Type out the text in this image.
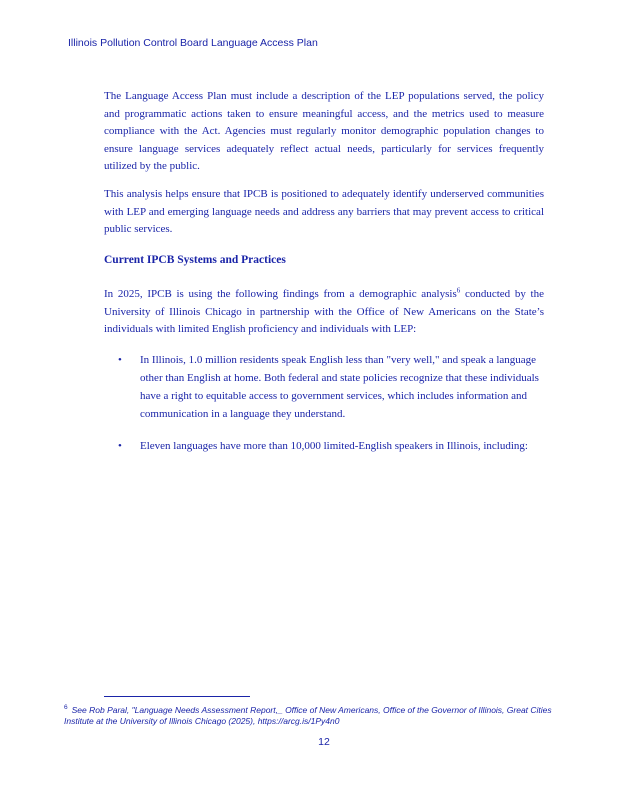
Illinois Pollution Control Board Language Access Plan

The Language Access Plan must include a description of the LEP populations served, the policy and programmatic actions taken to ensure meaningful access, and the metrics used to measure compliance with the Act. Agencies must regularly monitor demographic population changes to ensure language services adequately reflect actual needs, particularly for services frequently utilized by the public.

This analysis helps ensure that IPCB is positioned to adequately identify underserved communities with LEP and emerging language needs and address any barriers that may prevent access to critical public services.

Current IPCB Systems and Practices

In 2025, IPCB is using the following findings from a demographic analysis$^6$ conducted by the University of Illinois Chicago in partnership with the Office of New Americans on the State’s individuals with limited English proficiency and individuals with LEP:

• In Illinois, 1.0 million residents speak English less than "very well," and speak a language other than English at home. Both federal and state policies recognize that these individuals have a right to equitable access to government services, which includes information and communication in a language they understand.
• Eleven languages have more than 10,000 limited-English speakers in Illinois, including:
$^6$ See Rob Paral, "Language Needs Assessment Report,_ Office of New Americans, Office of the Governor of Illinois, Great Cities Institute at the University of Illinois Chicago (2025), https://arcg.is/1Py4n0
12
